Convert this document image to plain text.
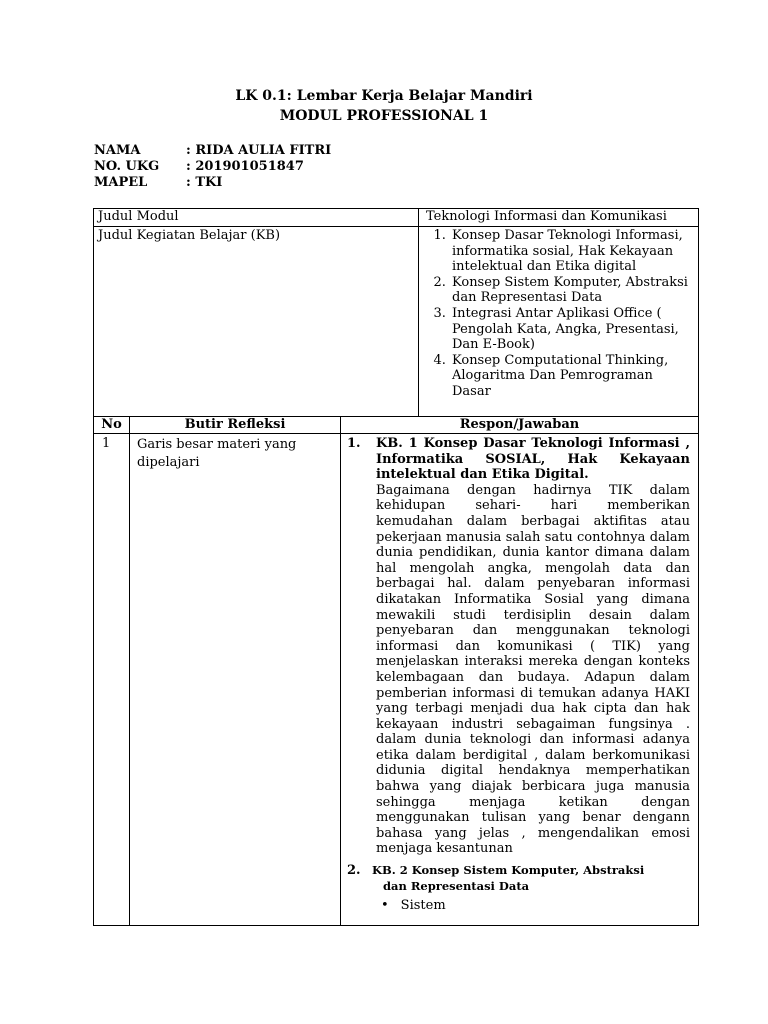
LK 0.1: Lembar Kerja Belajar Mandiri
MODUL PROFESSIONAL 1
NAMA	: RIDA AULIA FITRI
NO. UKG : 201901051847
MAPEL	: TKI
Judul Modul	Teknologi Informasi dan Komunikasi
Judul Kegiatan Belajar (KB)
1.	Konsep Dasar Teknologi Informasi, informatika sosial, Hak Kekayaan intelektual dan Etika digital
2. Konsep Sistem Komputer, Abstraksi dan Representasi Data
3. Integrasi Antar Aplikasi Office ( Pengolah Kata, Angka, Presentasi, Dan E-Book)
4. Konsep Computational Thinking, Alogaritma Dan Pemrograman Dasar
No	Butir Refleksi	Respon/Jawaban
1 Garis besar materi yang dipelajari
1. KB. 1 Konsep Dasar Teknologi Informasi , Informatika SOSIAL, Hak Kekayaan intelektual dan Etika Digital.
Bagaimana dengan hadirnya TIK dalam kehidupan sehari- hari memberikan kemudahan dalam berbagai aktifitas atau pekerjaan manusia salah satu contohnya dalam dunia pendidikan, dunia kantor dimana dalam hal mengolah angka, mengolah data dan berbagai hal. dalam penyebaran informasi dikatakan Informatika Sosial yang dimana mewakili studi terdisiplin desain dalam penyebaran dan menggunakan teknologi informasi dan komunikasi ( TIK) yang menjelaskan interaksi mereka dengan konteks kelembagaan dan budaya. Adapun dalam pemberian informasi di temukan adanya HAKI yang terbagi menjadi dua hak cipta dan hak kekayaan industri sebagaiman fungsinya . dalam dunia teknologi dan informasi adanya etika dalam berdigital , dalam berkomunikasi didunia digital hendaknya memperhatikan bahwa yang diajak berbicara juga manusia sehingga menjaga ketikan dengan menggunakan tulisan yang benar dengann bahasa yang jelas , mengendalikan emosi menjaga kesantunan
2. KB. 2 Konsep Sistem Komputer, Abstraksi
dan Representasi Data
• Sistem
